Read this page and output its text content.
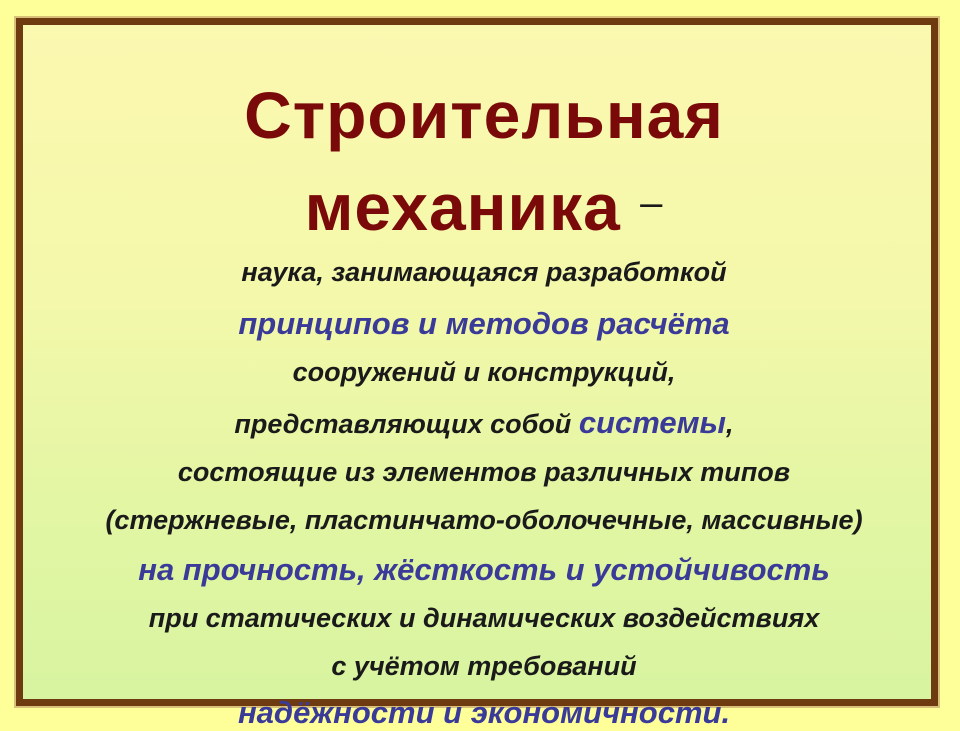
Строительная
механика –
наука, занимающаяся разработкой
принципов и методов расчёта
сооружений и конструкций,
представляющих собой системы,
состоящие из элементов различных типов
(стержневые, пластинчато-оболочечные, массивные)
на прочность, жёсткость и устойчивость
при статических и динамических воздействиях
с учётом требований
надёжности и экономичности.
